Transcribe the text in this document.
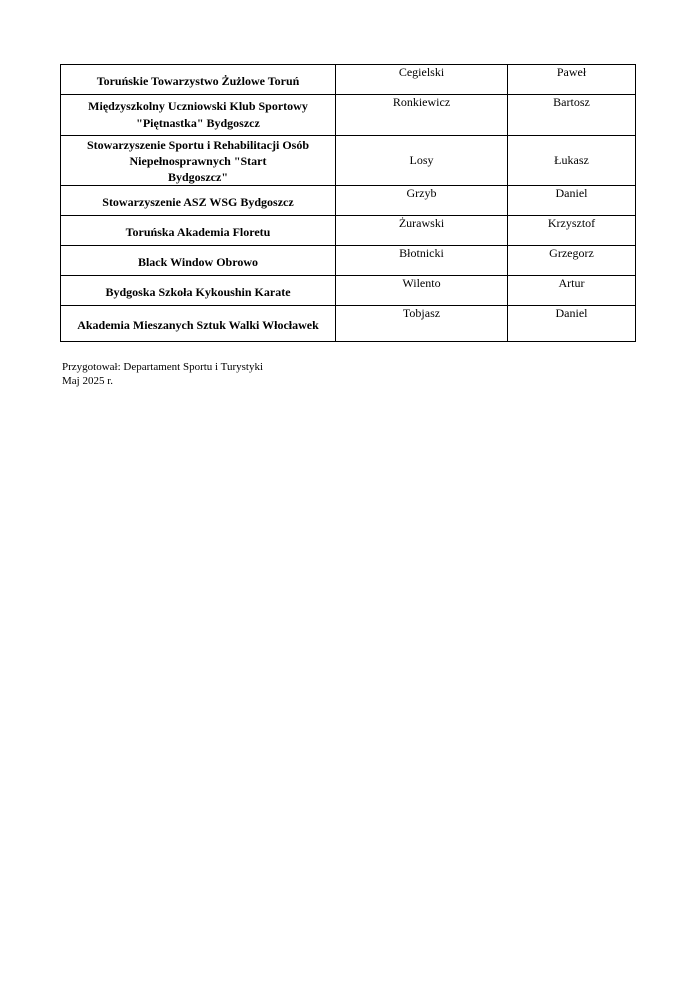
Toruńskie Towarzystwo Żużlowe Toruń	Cegielski	Paweł

Międzyszkolny Uczniowski Klub Sportowy
"Piętnastka" Bydgoszcz	Ronkiewicz	Bartosz

Stowarzyszenie Sportu i Rehabilitacji Osób
Niepełnosprawnych "Start
Bydgoszcz"	Losy	Łukasz

Stowarzyszenie ASZ WSG Bydgoszcz	Grzyb	Daniel

Toruńska Akademia Floretu	Żurawski	Krzysztof

Black Window Obrowo	Błotnicki	Grzegorz

Bydgoska Szkoła Kykoushin Karate	Wilento	Artur

Akademia Mieszanych Sztuk Walki Włocławek	Tobjasz	Daniel
Przygotował: Departament Sportu i Turystyki
Maj 2025 r.
